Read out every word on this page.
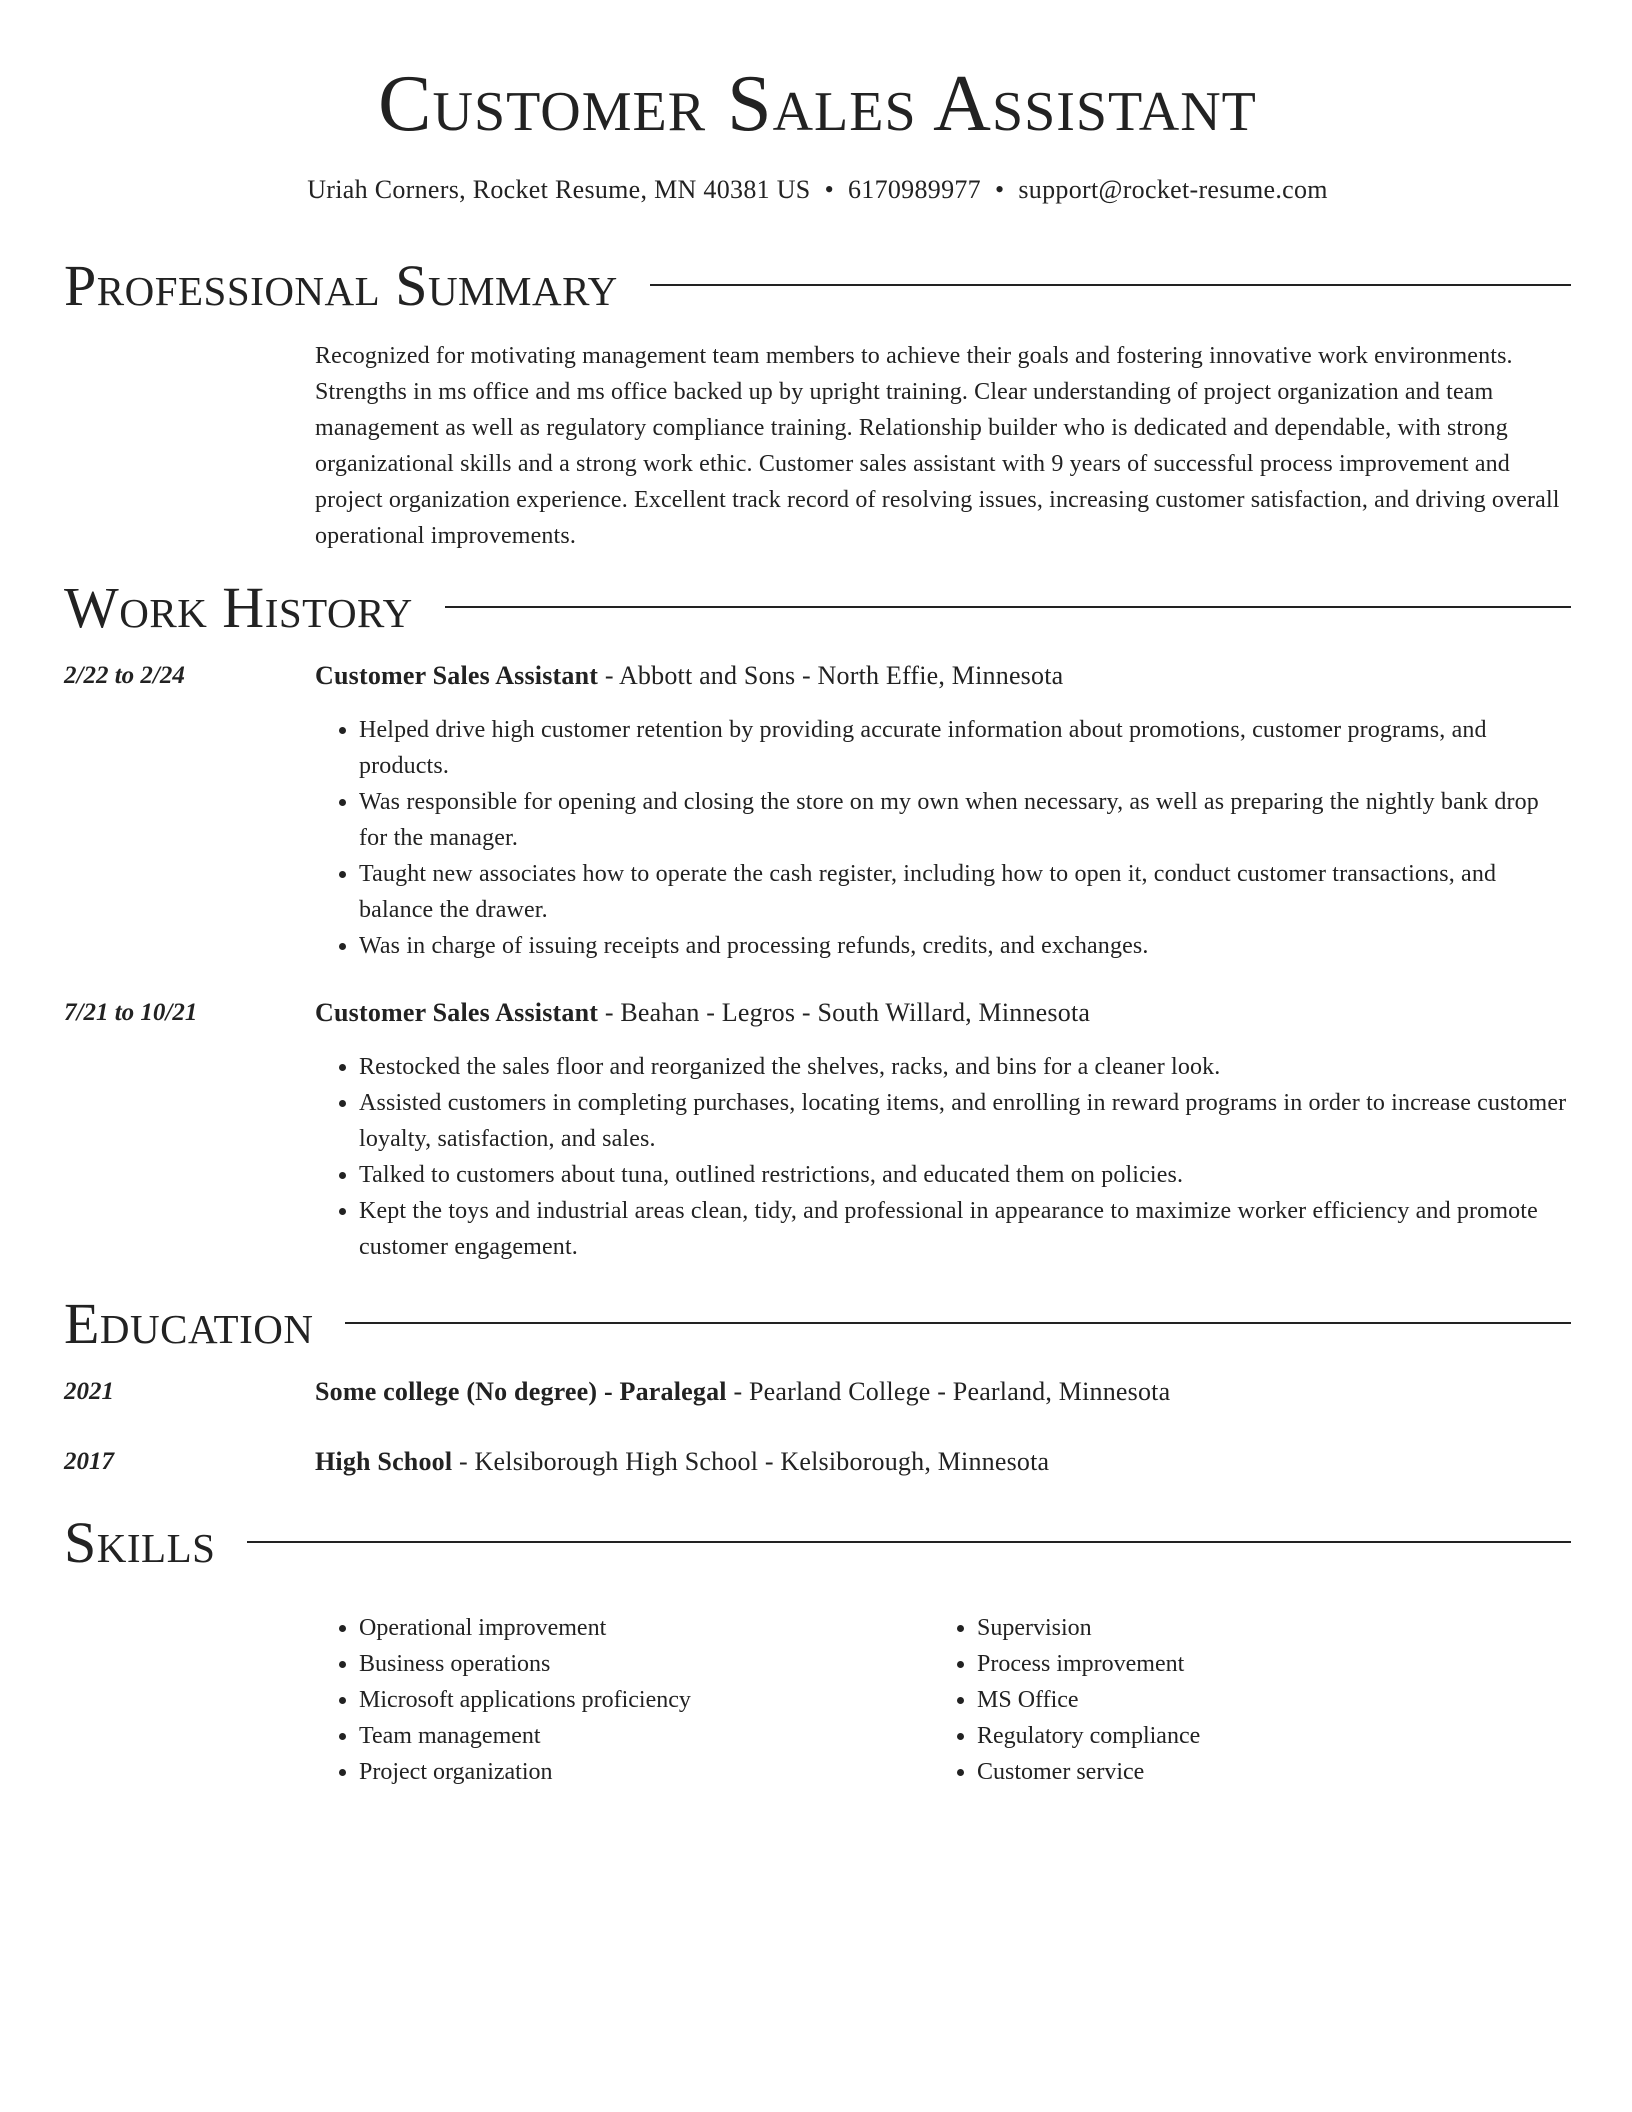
Customer Sales Assistant
Uriah Corners, Rocket Resume, MN 40381 US • 6170989977 • support@rocket-resume.com
Professional Summary
Recognized for motivating management team members to achieve their goals and fostering innovative work environments. Strengths in ms office and ms office backed up by upright training. Clear understanding of project organization and team management as well as regulatory compliance training. Relationship builder who is dedicated and dependable, with strong organizational skills and a strong work ethic. Customer sales assistant with 9 years of successful process improvement and project organization experience. Excellent track record of resolving issues, increasing customer satisfaction, and driving overall operational improvements.
Work History
2/22 to 2/24	Customer Sales Assistant - Abbott and Sons - North Effie, Minnesota
• Helped drive high customer retention by providing accurate information about promotions, customer programs, and products.
• Was responsible for opening and closing the store on my own when necessary, as well as preparing the nightly bank drop for the manager.
• Taught new associates how to operate the cash register, including how to open it, conduct customer transactions, and balance the drawer.
• Was in charge of issuing receipts and processing refunds, credits, and exchanges.
7/21 to 10/21	Customer Sales Assistant - Beahan - Legros - South Willard, Minnesota
• Restocked the sales floor and reorganized the shelves, racks, and bins for a cleaner look.
• Assisted customers in completing purchases, locating items, and enrolling in reward programs in order to increase customer loyalty, satisfaction, and sales.
• Talked to customers about tuna, outlined restrictions, and educated them on policies.
• Kept the toys and industrial areas clean, tidy, and professional in appearance to maximize worker efficiency and promote customer engagement.
Education
2021	Some college (No degree) - Paralegal - Pearland College - Pearland, Minnesota
2017	High School - Kelsiborough High School - Kelsiborough, Minnesota
Skills
• Operational improvement
• Business operations
• Microsoft applications proficiency
• Team management
• Project organization
• Supervision
• Process improvement
• MS Office
• Regulatory compliance
• Customer service
